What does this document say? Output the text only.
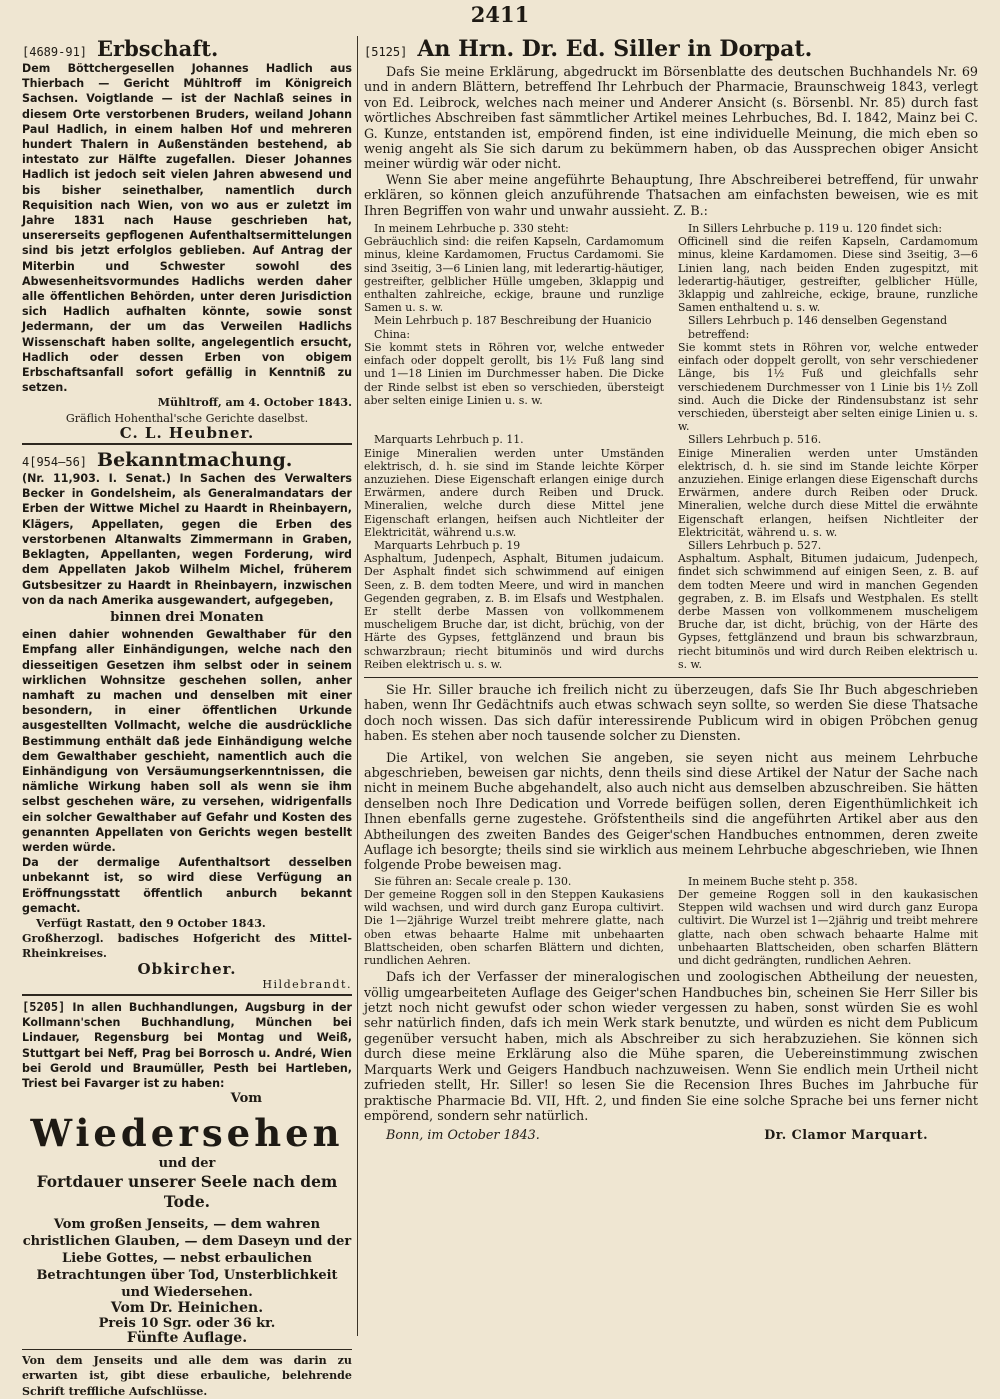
2411
[4689-91] Erbschaft.

Dem Böttchergesellen Johannes Hadlich aus Thierbach — Gericht Mühltroff im Königreich Sachsen. Voigtlande — ist der Nachlaß seines in diesem Orte verstorbenen Bruders, weiland Johann Paul Hadlich, in einem halben Hof und mehreren hundert Thalern in Außenständen bestehend, ab intestato zur Hälfte zugefallen. Dieser Johannes Hadlich ist jedoch seit vielen Jahren abwesend und bis bisher seinethalber, namentlich durch Requisition nach Wien, von wo aus er zuletzt im Jahre 1831 nach Hause geschrieben hat, unsererseits gepflogenen Aufenthaltsermittelungen sind bis jetzt erfolglos geblieben. Auf Antrag der Miterbin und Schwester sowohl des Abwesenheitsvormundes Hadlichs werden daher alle öffentlichen Behörden, unter deren Jurisdiction sich Hadlich aufhalten könnte, sowie sonst Jedermann, der um das Verweilen Hadlichs Wissenschaft haben sollte, angelegentlich ersucht, Hadlich oder dessen Erben von obigem Erbschaftsanfall sofort gefällig in Kenntniß zu setzen.

Mühltroff, am 4. October 1843.

Gräflich Hohenthal'sche Gerichte daselbst.

C. L. Heubner.

4[954—56] Bekanntmachung.

(Nr. 11,903. I. Senat.) In Sachen des Verwalters Becker in Gondelsheim, als Generalmandatars der Erben der Wittwe Michel zu Haardt in Rheinbayern, Klägers, Appellaten, gegen die Erben des verstorbenen Altanwalts Zimmermann in Graben, Beklagten, Appellanten, wegen Forderung, wird dem Appellaten Jakob Wilhelm Michel, früherem Gutsbesitzer zu Haardt in Rheinbayern, inzwischen von da nach Amerika ausgewandert, aufgegeben,

binnen drei Monaten

einen dahier wohnenden Gewalthaber für den Empfang aller Einhändigungen, welche nach den diesseitigen Gesetzen ihm selbst oder in seinem wirklichen Wohnsitze geschehen sollen, anher namhaft zu machen und denselben mit einer besondern, in einer öffentlichen Urkunde ausgestellten Vollmacht, welche die ausdrückliche Bestimmung enthält daß jede Einhändigung welche dem Gewalthaber geschieht, namentlich auch die Einhändigung von Versäumungserkenntnissen, die nämliche Wirkung haben soll als wenn sie ihm selbst geschehen wäre, zu versehen, widrigenfalls ein solcher Gewalthaber auf Gefahr und Kosten des genannten Appellaten von Gerichts wegen bestellt werden würde.

Da der dermalige Aufenthaltsort desselben unbekannt ist, so wird diese Verfügung an Eröffnungsstatt öffentlich anburch bekannt gemacht.

Verfügt Rastatt, den 9 October 1843.

Großherzogl. badisches Hofgericht des Mittel-Rheinkreises.

Obkircher.

Hildebrandt.

[5205] In allen Buchhandlungen, Augsburg in der Kollmann'schen Buchhandlung, München bei Lindauer, Regensburg bei Montag und Weiß, Stuttgart bei Neff, Prag bei Borrosch u. André, Wien bei Gerold und Braumüller, Pesth bei Hartleben, Triest bei Favarger ist zu haben:

Vom

Wiedersehen

und der

Fortdauer unserer Seele nach dem Tode.

Vom großen Jenseits, — dem wahren christlichen Glauben, — dem Daseyn und der Liebe Gottes, — nebst erbaulichen Betrachtungen über Tod, Unsterblichkeit und Wiedersehen.

Vom Dr. Heinichen.

Preis 10 Sgr. oder 36 kr.

Fünfte Auflage.

Von dem Jenseits und alle dem was darin zu erwarten ist, gibt diese erbauliche, belehrende Schrift treffliche Aufschlüsse.

[5125] An Hrn. Dr. Ed. Siller in Dorpat.

Dafs Sie meine Erklärung, abgedruckt im Börsenblatte des deutschen Buchhandels Nr. 69 und in andern Blättern, betreffend Ihr Lehrbuch der Pharmacie, Braunschweig 1843, verlegt von Ed. Leibrock, welches nach meiner und Anderer Ansicht (s. Börsenbl. Nr. 85) durch fast wörtliches Abschreiben fast sämmtlicher Artikel meines Lehrbuches, Bd. I. 1842, Mainz bei C. G. Kunze, entstanden ist, empörend finden, ist eine individuelle Meinung, die mich eben so wenig angeht als Sie sich darum zu bekümmern haben, ob das Aussprechen obiger Ansicht meiner würdig wär oder nicht.

Wenn Sie aber meine angeführte Behauptung, Ihre Abschreiberei betreffend, für unwahr erklären, so können gleich anzuführende Thatsachen am einfachsten beweisen, wie es mit Ihren Begriffen von wahr und unwahr aussieht. Z. B.:

In meinem Lehrbuche p. 330 steht:

Gebräuchlich sind: die reifen Kapseln, Cardamomum minus, kleine Kardamomen, Fructus Cardamomi. Sie sind 3seitig, 3—6 Linien lang, mit lederartig-häutiger, gestreifter, gelblicher Hülle umgeben, 3klappig und enthalten zahlreiche, eckige, braune und runzlige Samen u. s. w.

In Sillers Lehrbuche p. 119 u. 120 findet sich:

Officinell sind die reifen Kapseln, Cardamomum minus, kleine Kardamomen. Diese sind 3seitig, 3—6 Linien lang, nach beiden Enden zugespitzt, mit lederartig-häutiger, gestreifter, gelblicher Hülle, 3klappig und zahlreiche, eckige, braune, runzliche Samen enthaltend u. s. w.

Mein Lehrbuch p. 187 Beschreibung der Huanicio China:

Sie kommt stets in Röhren vor, welche entweder einfach oder doppelt gerollt, bis 1½ Fuß lang sind und 1—18 Linien im Durchmesser haben. Die Dicke der Rinde selbst ist eben so verschieden, übersteigt aber selten einige Linien u. s. w.

Sillers Lehrbuch p. 146 denselben Gegenstand betreffend:

Sie kommt stets in Röhren vor, welche entweder einfach oder doppelt gerollt, von sehr verschiedener Länge, bis 1½ Fuß und gleichfalls sehr verschiedenem Durchmesser von 1 Linie bis 1½ Zoll sind. Auch die Dicke der Rindensubstanz ist sehr verschieden, übersteigt aber selten einige Linien u. s. w.

Marquarts Lehrbuch p. 11.

Einige Mineralien werden unter Umständen elektrisch, d. h. sie sind im Stande leichte Körper anzuziehen. Diese Eigenschaft erlangen einige durch Erwärmen, andere durch Reiben und Druck. Mineralien, welche durch diese Mittel jene Eigenschaft erlangen, heifsen auch Nichtleiter der Elektricität, während u.s.w.

Sillers Lehrbuch p. 516.

Einige Mineralien werden unter Umständen elektrisch, d. h. sie sind im Stande leichte Körper anzuziehen. Einige erlangen diese Eigenschaft durchs Erwärmen, andere durch Reiben oder Druck. Mineralien, welche durch diese Mittel die erwähnte Eigenschaft erlangen, heifsen Nichtleiter der Elektricität, während u. s. w.

Marquarts Lehrbuch p. 19

Asphaltum, Judenpech, Asphalt, Bitumen judaicum. Der Asphalt findet sich schwimmend auf einigen Seen, z. B. dem todten Meere, und wird in manchen Gegenden gegraben, z. B. im Elsafs und Westphalen. Er stellt derbe Massen von vollkommenem muscheligem Bruche dar, ist dicht, brüchig, von der Härte des Gypses, fettglänzend und braun bis schwarzbraun; riecht bituminös und wird durchs Reiben elektrisch u. s. w.

Sillers Lehrbuch p. 527.

Asphaltum. Asphalt, Bitumen judaicum, Judenpech, findet sich schwimmend auf einigen Seen, z. B. auf dem todten Meere und wird in manchen Gegenden gegraben, z. B. im Elsafs und Westphalen. Es stellt derbe Massen von vollkommenem muscheligem Bruche dar, ist dicht, brüchig, von der Härte des Gypses, fettglänzend und braun bis schwarzbraun, riecht bituminös und wird durch Reiben elektrisch u. s. w.

Sie Hr. Siller brauche ich freilich nicht zu überzeugen, dafs Sie Ihr Buch abgeschrieben haben, wenn Ihr Gedächtnifs auch etwas schwach seyn sollte, so werden Sie diese Thatsache doch noch wissen. Das sich dafür interessirende Publicum wird in obigen Pröbchen genug haben. Es stehen aber noch tausende solcher zu Diensten.

Die Artikel, von welchen Sie angeben, sie seyen nicht aus meinem Lehrbuche abgeschrieben, beweisen gar nichts, denn theils sind diese Artikel der Natur der Sache nach nicht in meinem Buche abgehandelt, also auch nicht aus demselben abzuschreiben. Sie hätten denselben noch Ihre Dedication und Vorrede beifügen sollen, deren Eigenthümlichkeit ich Ihnen ebenfalls gerne zugestehe. Gröfstentheils sind die angeführten Artikel aber aus den Abtheilungen des zweiten Bandes des Geiger'schen Handbuches entnommen, deren zweite Auflage ich besorgte; theils sind sie wirklich aus meinem Lehrbuche abgeschrieben, wie Ihnen folgende Probe beweisen mag.

Sie führen an: Secale creale p. 130.

Der gemeine Roggen soll in den Steppen Kaukasiens wild wachsen, und wird durch ganz Europa cultivirt. Die 1—2jährige Wurzel treibt mehrere glatte, nach oben etwas behaarte Halme mit unbehaarten Blattscheiden, oben scharfen Blättern und dichten, rundlichen Aehren.

In meinem Buche steht p. 358.

Der gemeine Roggen soll in den kaukasischen Steppen wild wachsen und wird durch ganz Europa cultivirt. Die Wurzel ist 1—2jährig und treibt mehrere glatte, nach oben schwach behaarte Halme mit unbehaarten Blattscheiden, oben scharfen Blättern und dicht gedrängten, rundlichen Aehren.

Dafs ich der Verfasser der mineralogischen und zoologischen Abtheilung der neuesten, völlig umgearbeiteten Auflage des Geiger'schen Handbuches bin, scheinen Sie Herr Siller bis jetzt noch nicht gewufst oder schon wieder vergessen zu haben, sonst würden Sie es wohl sehr natürlich finden, dafs ich mein Werk stark benutzte, und würden es nicht dem Publicum gegenüber versucht haben, mich als Abschreiber zu sich herabzuziehen. Sie können sich durch diese meine Erklärung also die Mühe sparen, die Uebereinstimmung zwischen Marquarts Werk und Geigers Handbuch nachzuweisen. Wenn Sie endlich mein Urtheil nicht zufrieden stellt, Hr. Siller! so lesen Sie die Recension Ihres Buches im Jahrbuche für praktische Pharmacie Bd. VII, Hft. 2, und finden Sie eine solche Sprache bei uns ferner nicht empörend, sondern sehr natürlich.

Bonn, im October 1843.	Dr. Clamor Marquart.
